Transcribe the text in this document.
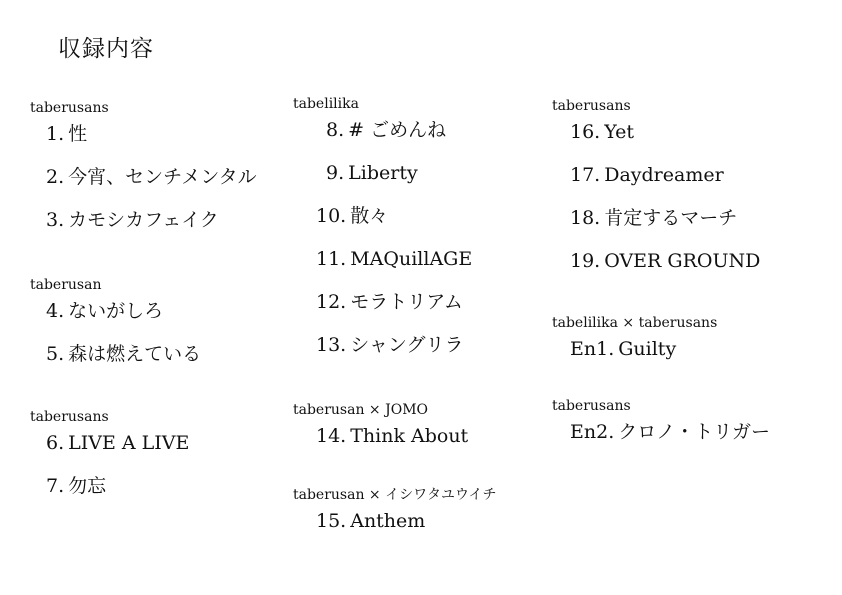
収録内容
taberusans
1. 性
2. 今宵、センチメンタル
3. カモシカフェイク
taberusan
4. ないがしろ
5. 森は燃えている
taberusans
6. LIVE A LIVE
7. 勿忘
tabelilika
8. # ごめんね
9. Liberty
10. 散々
11. MAQuillAGE
12. モラトリアム
13. シャングリラ
taberusan × JOMO
14. Think About
taberusan × イシワタユウイチ
15. Anthem
taberusans
16. Yet
17. Daydreamer
18. 肯定するマーチ
19. OVER GROUND
tabelilika × taberusans
En1. Guilty
taberusans
En2. クロノ・トリガー
